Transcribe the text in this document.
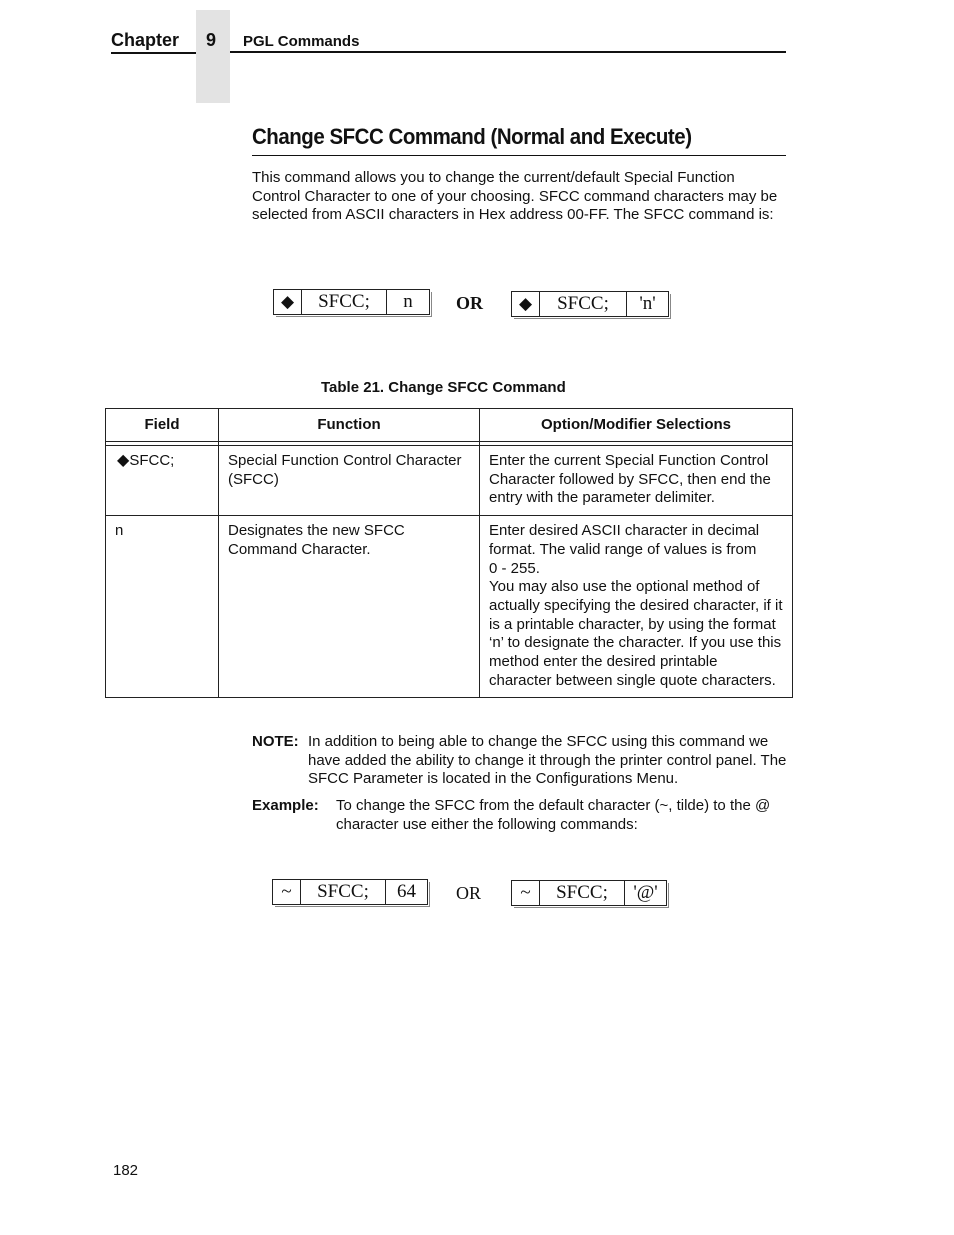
Chapter	9	PGL Commands
Change SFCC Command (Normal and Execute)
This command allows you to change the current/default Special Function Control Character to one of your choosing. SFCC command characters may be selected from ASCII characters in Hex address 00-FF. The SFCC command is:
◆	SFCC;	n	OR	◆	SFCC;	'n'
Table 21. Change SFCC Command
Field	Function	Option/Modifier Selections

◆SFCC;	Special Function Control Character (SFCC)	Enter the current Special Function Control Character followed by SFCC, then end the entry with the parameter delimiter.

n	Designates the new SFCC Command Character.	Enter desired ASCII character in decimal format. The valid range of values is from
0 - 255.
You may also use the optional method of actually specifying the desired character, if it is a printable character, by using the format ‘n’ to designate the character. If you use this method enter the desired printable character between single quote characters.
NOTE: In addition to being able to change the SFCC using this command we have added the ability to change it through the printer control panel. The SFCC Parameter is located in the Configurations Menu.
Example: To change the SFCC from the default character (~, tilde) to the @ character use either the following commands:
~	SFCC;	64	OR	~	SFCC;	'@'
182
